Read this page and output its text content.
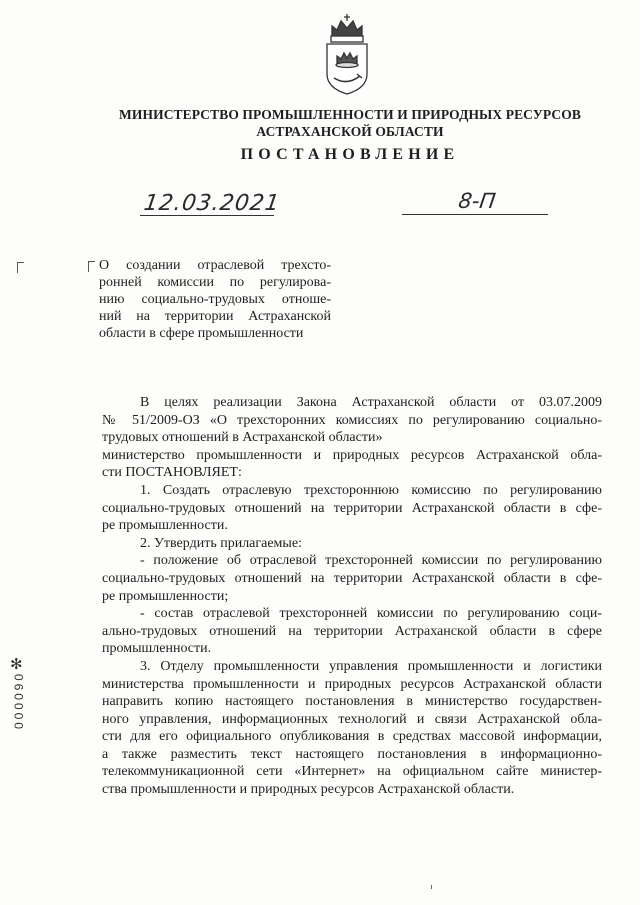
МИНИСТЕРСТВО ПРОМЫШЛЕННОСТИ И ПРИРОДНЫХ РЕСУРСОВ
АСТРАХАНСКОЙ ОБЛАСТИ
ПОСТАНОВЛЕНИЕ
12.03.2021	8-П
О создании отраслевой трехсто-
ронней комиссии по регулирова-
нию социально-трудовых отноше-
ний на территории Астраханской
области в сфере промышленности
В целях реализации Закона Астраханской области от 03.07.2009
№ 51/2009-ОЗ «О трехсторонних комиссиях по регулированию социально-
трудовых отношений в Астраханской области»
министерство промышленности и природных ресурсов Астраханской обла-
сти ПОСТАНОВЛЯЕТ:
1. Создать отраслевую трехстороннюю комиссию по регулированию
социально-трудовых отношений на территории Астраханской области в сфе-
ре промышленности.
2. Утвердить прилагаемые:
- положение об отраслевой трехсторонней комиссии по регулированию
социально-трудовых отношений на территории Астраханской области в сфе-
ре промышленности;
- состав отраслевой трехсторонней комиссии по регулированию соци-
ально-трудовых отношений на территории Астраханской области в сфере
промышленности.
3. Отделу промышленности управления промышленности и логистики
министерства промышленности и природных ресурсов Астраханской области
направить копию настоящего постановления в министерство государствен-
ного управления, информационных технологий и связи Астраханской обла-
сти для его официального опубликования в средствах массовой информации,
а также разместить текст настоящего постановления в информационно-
телекоммуникационной сети «Интернет» на официальном сайте министер-
ства промышленности и природных ресурсов Астраханской области.
✻
000090
